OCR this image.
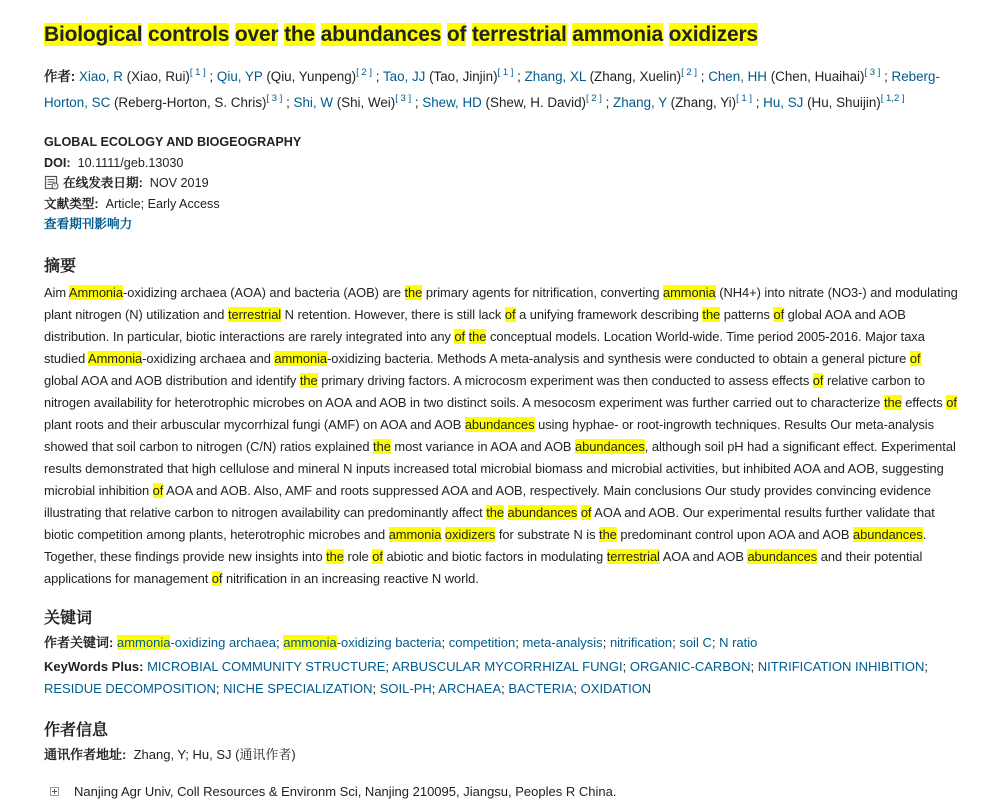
Biological controls over the abundances of terrestrial ammonia oxidizers
作者: Xiao, R (Xiao, Rui)[ 1 ] ; Qiu, YP (Qiu, Yunpeng)[ 2 ] ; Tao, JJ (Tao, Jinjin)[ 1 ] ; Zhang, XL (Zhang, Xuelin)[ 2 ] ; Chen, HH (Chen, Huaihai)[ 3 ] ; Reberg-Horton, SC (Reberg-Horton, S. Chris)[ 3 ] ; Shi, W (Shi, Wei)[ 3 ] ; Shew, HD (Shew, H. David)[ 2 ] ; Zhang, Y (Zhang, Yi)[ 1 ] ; Hu, SJ (Hu, Shuijin)[ 1,2 ]
GLOBAL ECOLOGY AND BIOGEOGRAPHY
DOI: 10.1111/geb.13030
在线发表日期: NOV 2019
文献类型: Article; Early Access
查看期刊影响力
摘要
Aim Ammonia-oxidizing archaea (AOA) and bacteria (AOB) are the primary agents for nitrification, converting ammonia (NH4+) into nitrate (NO3-) and modulating plant nitrogen (N) utilization and terrestrial N retention. However, there is still lack of a unifying framework describing the patterns of global AOA and AOB distribution. In particular, biotic interactions are rarely integrated into any of the conceptual models. Location World-wide. Time period 2005-2016. Major taxa studied Ammonia-oxidizing archaea and ammonia-oxidizing bacteria. Methods A meta-analysis and synthesis were conducted to obtain a general picture of global AOA and AOB distribution and identify the primary driving factors. A microcosm experiment was then conducted to assess effects of relative carbon to nitrogen availability for heterotrophic microbes on AOA and AOB in two distinct soils. A mesocosm experiment was further carried out to characterize the effects of plant roots and their arbuscular mycorrhizal fungi (AMF) on AOA and AOB abundances using hyphae- or root-ingrowth techniques. Results Our meta-analysis showed that soil carbon to nitrogen (C/N) ratios explained the most variance in AOA and AOB abundances, although soil pH had a significant effect. Experimental results demonstrated that high cellulose and mineral N inputs increased total microbial biomass and microbial activities, but inhibited AOA and AOB, suggesting microbial inhibition of AOA and AOB. Also, AMF and roots suppressed AOA and AOB, respectively. Main conclusions Our study provides convincing evidence illustrating that relative carbon to nitrogen availability can predominantly affect the abundances of AOA and AOB. Our experimental results further validate that biotic competition among plants, heterotrophic microbes and ammonia oxidizers for substrate N is the predominant control upon AOA and AOB abundances. Together, these findings provide new insights into the role of abiotic and biotic factors in modulating terrestrial AOA and AOB abundances and their potential applications for management of nitrification in an increasing reactive N world.
关键词
作者关键词: ammonia-oxidizing archaea; ammonia-oxidizing bacteria; competition; meta-analysis; nitrification; soil C; N ratio
KeyWords Plus: MICROBIAL COMMUNITY STRUCTURE; ARBUSCULAR MYCORRHIZAL FUNGI; ORGANIC-CARBON; NITRIFICATION INHIBITION; RESIDUE DECOMPOSITION; NICHE SPECIALIZATION; SOIL-PH; ARCHAEA; BACTERIA; OXIDATION
作者信息
通讯作者地址: Zhang, Y; Hu, SJ (通讯作者)
Nanjing Agr Univ, Coll Resources & Environm Sci, Nanjing 210095, Jiangsu, Peoples R China.
